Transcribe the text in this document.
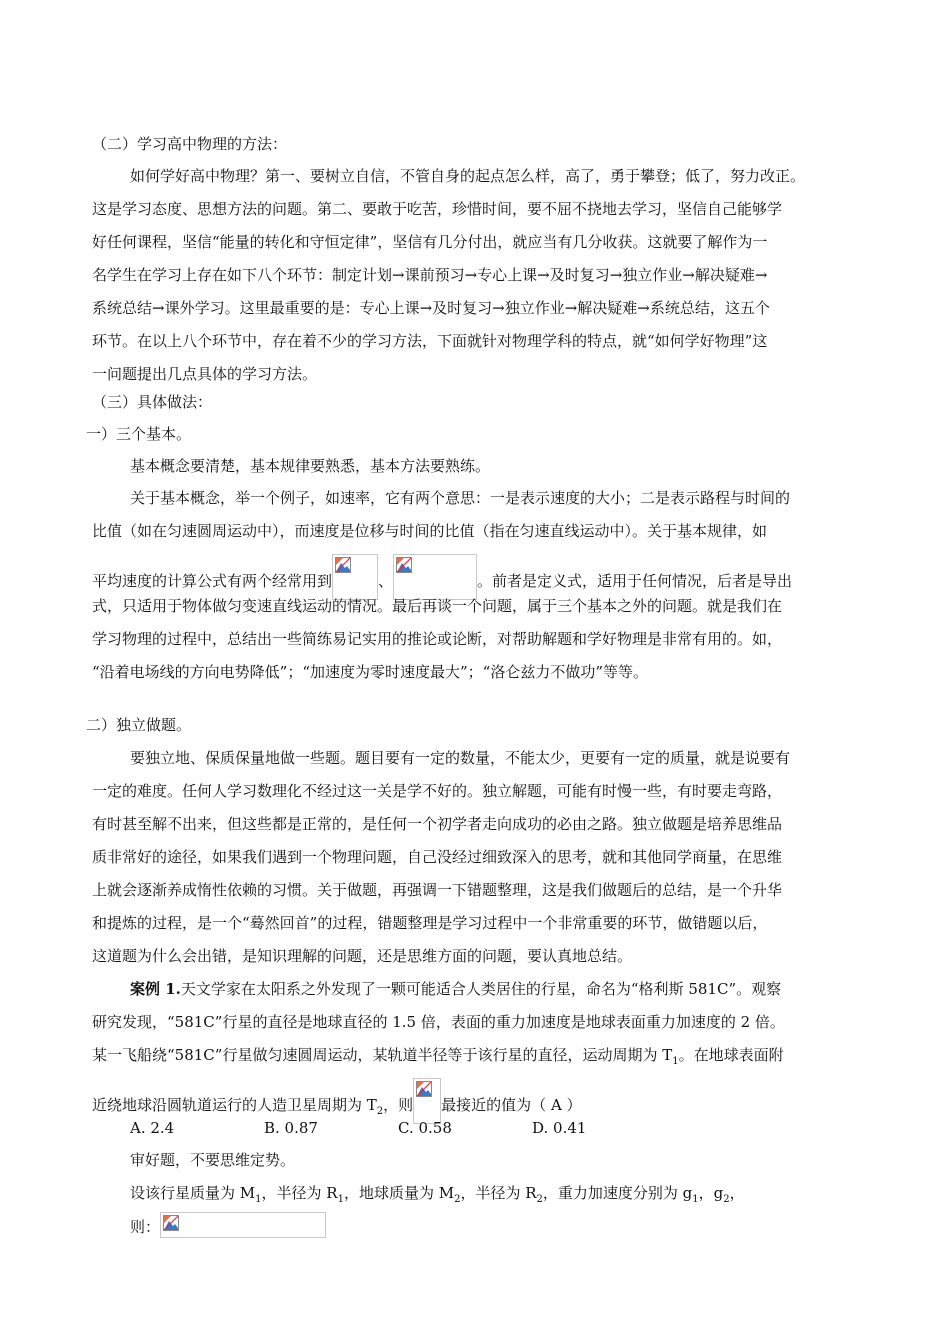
（二）学习高中物理的方法：
如何学好高中物理？第一、要树立自信，不管自身的起点怎么样，高了，勇于攀登；低了，努力改正。
这是学习态度、思想方法的问题。第二、要敢于吃苦，珍惜时间，要不屈不挠地去学习，坚信自己能够学
好任何课程，坚信“能量的转化和守恒定律”，坚信有几分付出，就应当有几分收获。这就要了解作为一
名学生在学习上存在如下八个环节：制定计划→课前预习→专心上课→及时复习→独立作业→解决疑难→
系统总结→课外学习。这里最重要的是：专心上课→及时复习→独立作业→解决疑难→系统总结，这五个
环节。在以上八个环节中，存在着不少的学习方法，下面就针对物理学科的特点，就“如何学好物理”这
一问题提出几点具体的学习方法。
（三）具体做法：
一）三个基本。
基本概念要清楚，基本规律要熟悉，基本方法要熟练。
关于基本概念，举一个例子，如速率，它有两个意思：一是表示速度的大小；二是表示路程与时间的
比值（如在匀速圆周运动中），而速度是位移与时间的比值（指在匀速直线运动中）。关于基本规律，如
平均速度的计算公式有两个经常用到	、	。前者是定义式，适用于任何情况，后者是导出
式，只适用于物体做匀变速直线运动的情况。最后再谈一个问题，属于三个基本之外的问题。就是我们在
学习物理的过程中，总结出一些简练易记实用的推论或论断，对帮助解题和学好物理是非常有用的。如，
“沿着电场线的方向电势降低”；“加速度为零时速度最大”；“洛仑兹力不做功”等等。
二）独立做题。
要独立地、保质保量地做一些题。题目要有一定的数量，不能太少，更要有一定的质量，就是说要有
一定的难度。任何人学习数理化不经过这一关是学不好的。独立解题，可能有时慢一些，有时要走弯路，
有时甚至解不出来，但这些都是正常的，是任何一个初学者走向成功的必由之路。独立做题是培养思维品
质非常好的途径，如果我们遇到一个物理问题，自己没经过细致深入的思考，就和其他同学商量，在思维
上就会逐渐养成惰性依赖的习惯。关于做题，再强调一下错题整理，这是我们做题后的总结，是一个升华
和提炼的过程，是一个“蓦然回首”的过程，错题整理是学习过程中一个非常重要的环节，做错题以后，
这道题为什么会出错，是知识理解的问题，还是思维方面的问题，要认真地总结。
案例 1.天文学家在太阳系之外发现了一颗可能适合人类居住的行星，命名为“格利斯 581C”。观察
研究发现，“581C”行星的直径是地球直径的 1.5 倍，表面的重力加速度是地球表面重力加速度的 2 倍。
某一飞船绕“581C”行星做匀速圆周运动，某轨道半径等于该行星的直径，运动周期为 $T_1$。在地球表面附
近绕地球沿圆轨道运行的人造卫星周期为 $T_2$，则 最接近的值为（ A ）
A. 2.4	B. 0.87	C. 0.58	D. 0.41
审好题，不要思维定势。
设该行星质量为 $M_1$，半径为 $R_1$，地球质量为 $M_2$，半径为 $R_2$，重力加速度分别为 $g_1$，$g_2$，
则：
